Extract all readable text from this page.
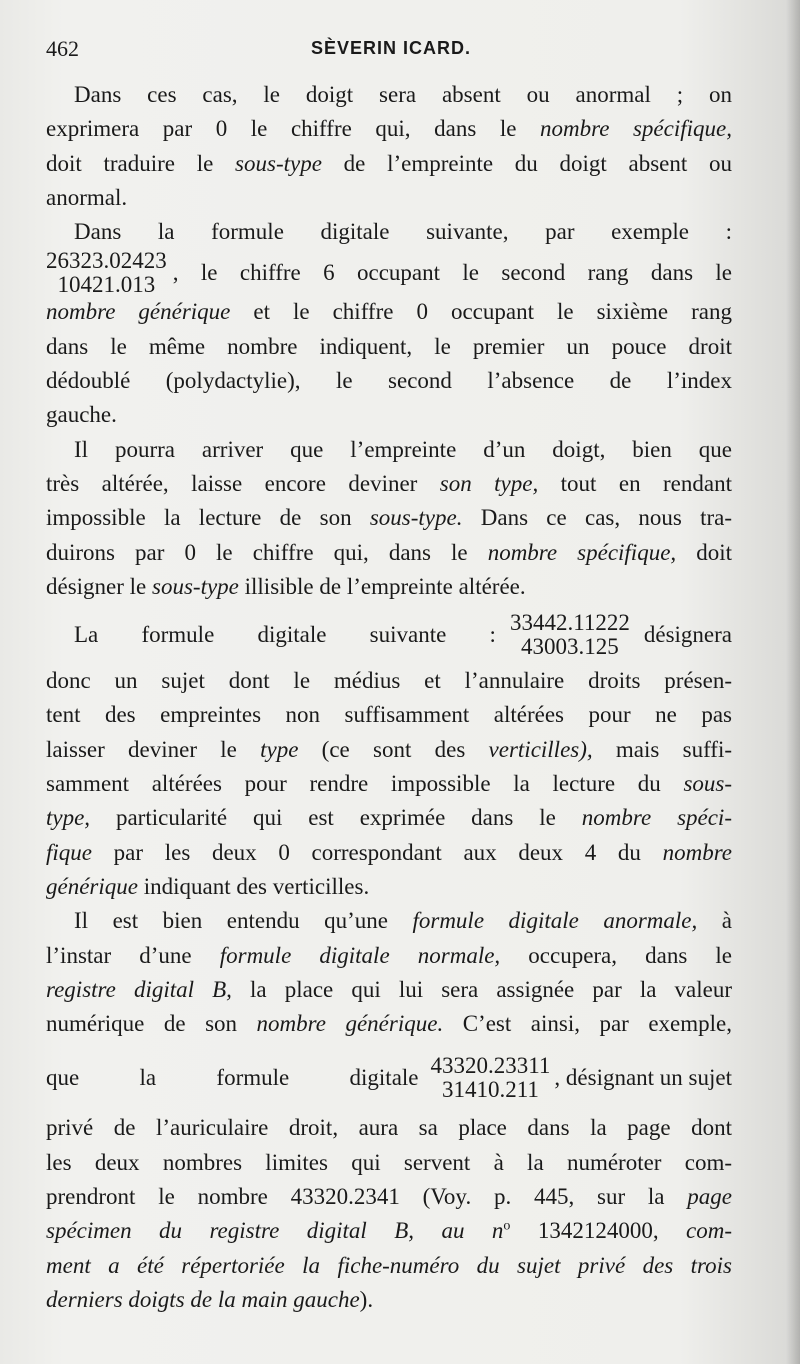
462	SÈVERIN ICARD.
Dans ces cas, le doigt sera absent ou anormal ; on
exprimera par 0 le chiffre qui, dans le nombre spécifique,
doit traduire le sous-type de l’empreinte du doigt absent ou
anormal.
Dans la formule digitale suivante, par exemple :
26323.02423
10421.013 , le chiffre 6 occupant le second rang dans le
nombre générique et le chiffre 0 occupant le sixième rang
dans le même nombre indiquent, le premier un pouce droit
dédoublé (polydactylie), le second l’absence de l’index
gauche.
Il pourra arriver que l’empreinte d’un doigt, bien que
très altérée, laisse encore deviner son type, tout en rendant
impossible la lecture de son sous-type. Dans ce cas, nous tra-
duirons par 0 le chiffre qui, dans le nombre spécifique, doit
désigner le sous-type illisible de l’empreinte altérée.
La formule digitale suivante : 33442.11222
43003.125 désignera
donc un sujet dont le médius et l’annulaire droits présen-
tent des empreintes non suffisamment altérées pour ne pas
laisser deviner le type (ce sont des verticilles), mais suffi-
samment altérées pour rendre impossible la lecture du sous-
type, particularité qui est exprimée dans le nombre spéci-
fique par les deux 0 correspondant aux deux 4 du nombre
générique indiquant des verticilles.
Il est bien entendu qu’une formule digitale anormale, à
l’instar d’une formule digitale normale, occupera, dans le
registre digital B, la place qui lui sera assignée par la valeur
numérique de son nombre générique. C’est ainsi, par exemple,
que la formule digitale 43320.23311
31410.211 , désignant un sujet
privé de l’auriculaire droit, aura sa place dans la page dont
les deux nombres limites qui servent à la numéroter com-
prendront le nombre 43320.2341 (Voy. p. 445, sur la page
spécimen du registre digital B, au $n^o$ 1342124000, com-
ment a été répertoriée la fiche-numéro du sujet privé des trois
derniers doigts de la main gauche).
